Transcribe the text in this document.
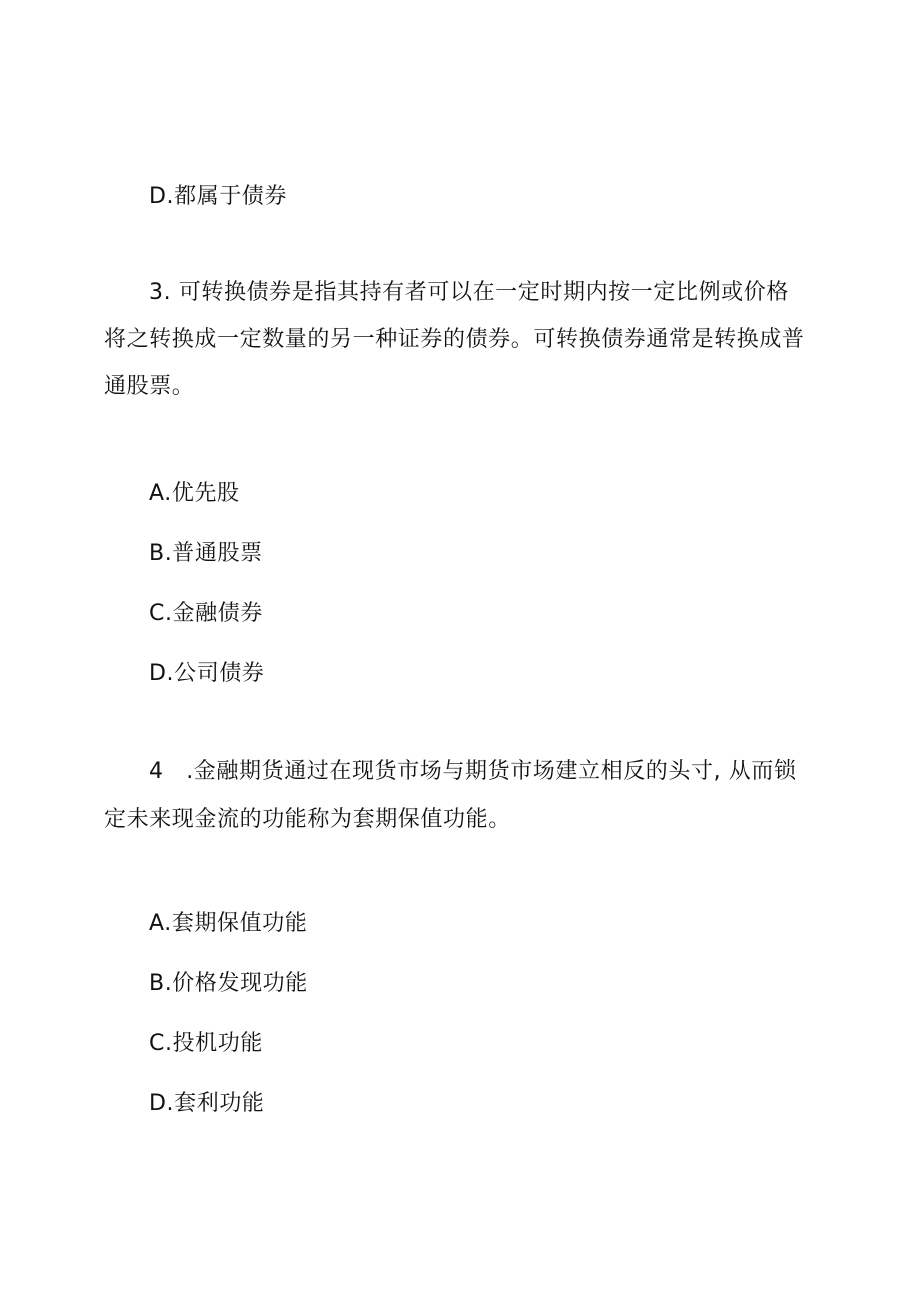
D.都属于债券
3. 可转换债券是指其持有者可以在一定时期内按一定比例或价格
将之转换成一定数量的另一种证券的债券。可转换债券通常是转换成普
通股票。
A.优先股
B.普通股票
C.金融债券
D.公司债券
4　.金融期货通过在现货市场与期货市场建立相反的头寸, 从而锁
定未来现金流的功能称为套期保值功能。
A.套期保值功能
B.价格发现功能
C.投机功能
D.套利功能
